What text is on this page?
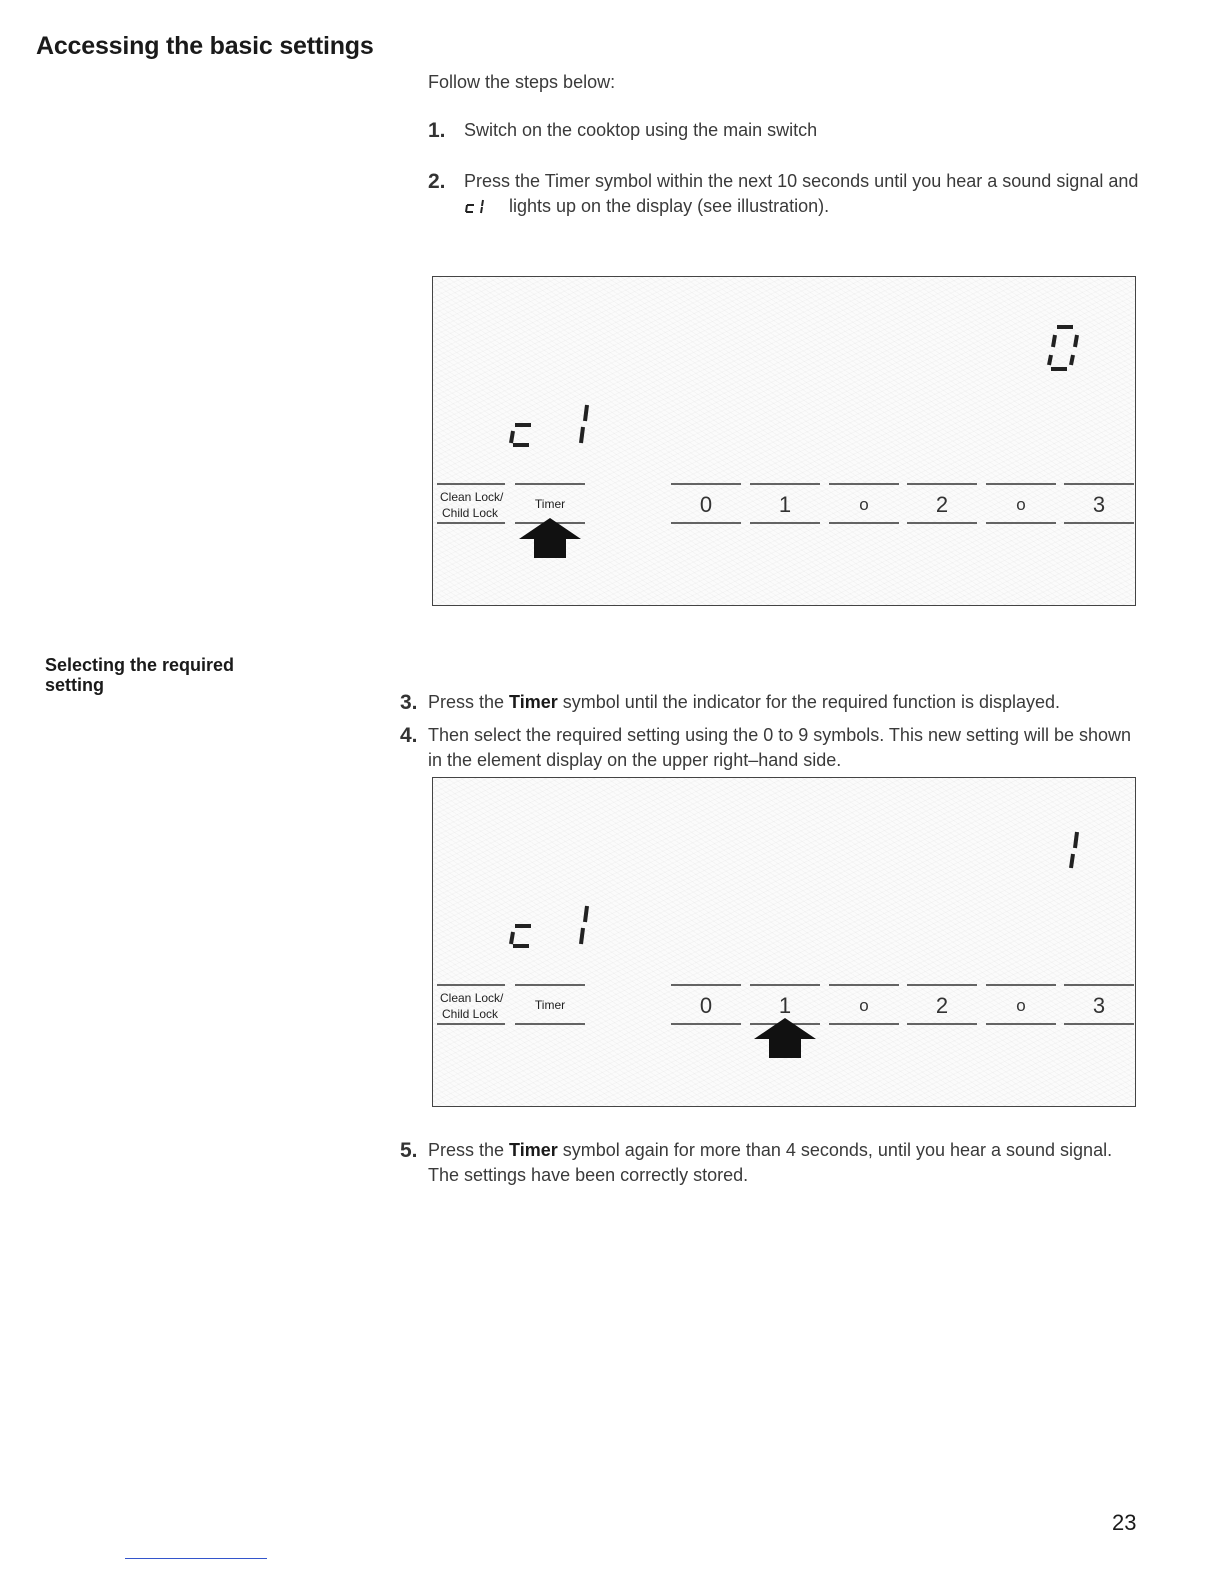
Accessing the basic settings
Follow the steps below:
1.	Switch on the cooktop using the main switch
2.	Press the Timer symbol within the next 10 seconds until you hear a sound signal and  lights up on the display (see illustration).
Clean Lock/
Child Lock
Timer	0	1	o	2	o	3
Selecting the required setting
3. Press the Timer symbol until the indicator for the required function is displayed.
4. Then select the required setting using the 0 to 9 symbols. This new setting will be shown in the element display on the upper right–hand side.
Clean Lock/
Child Lock
Timer	0	1	o	2	o	3
5. Press the Timer symbol again for more than 4 seconds, until you hear a sound signal. The settings have been correctly stored.
23
